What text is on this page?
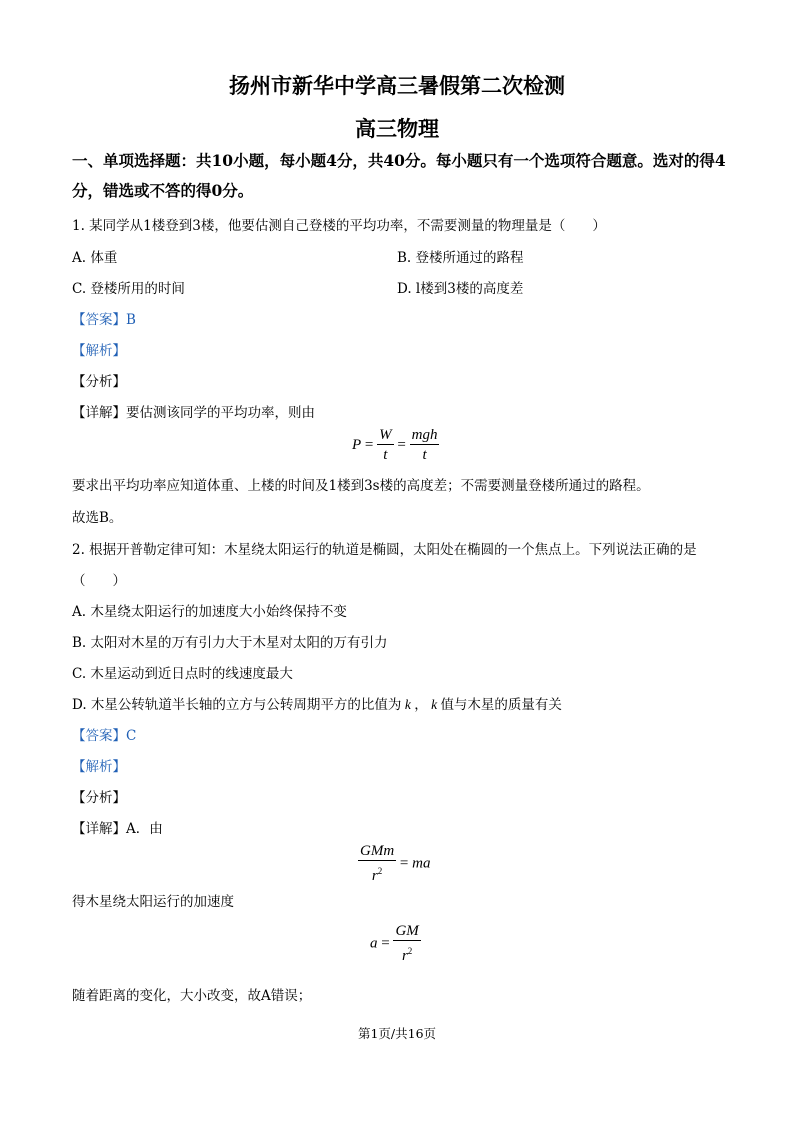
扬州市新华中学高三暑假第二次检测
高三物理
一、单项选择题：共10小题，每小题4分，共40分。每小题只有一个选项符合题意。选对的得4分，错选或不答的得0分。
1. 某同学从1楼登到3楼，他要估测自己登楼的平均功率，不需要测量的物理量是（　　）
A. 体重	B. 登楼所通过的路程
C. 登楼所用的时间	D. l楼到3楼的高度差
【答案】B
【解析】
【分析】
【详解】要估测该同学的平均功率，则由
$P = \frac{W}{t} = \frac{\text{mgh}}{t}$
要求出平均功率应知道体重、上楼的时间及1楼到3s楼的高度差；不需要测量登楼所通过的路程。
故选B。
2. 根据开普勒定律可知：木星绕太阳运行的轨道是椭圆，太阳处在椭圆的一个焦点上。下列说法正确的是
（　　）
A. 木星绕太阳运行的加速度大小始终保持不变
B. 太阳对木星的万有引力大于木星对太阳的万有引力
C. 木星运动到近日点时的线速度最大
D. 木星公转轨道半长轴的立方与公转周期平方的比值为 k ， k 值与木星的质量有关
【答案】C
【解析】
【分析】
【详解】A．由
$\frac{\text{GMm}}{r^2}$ = ma
得木星绕太阳运行的加速度
$a = \frac{GM}{r^2}$
随着距离的变化，大小改变，故A错误；
第1页/共16页
